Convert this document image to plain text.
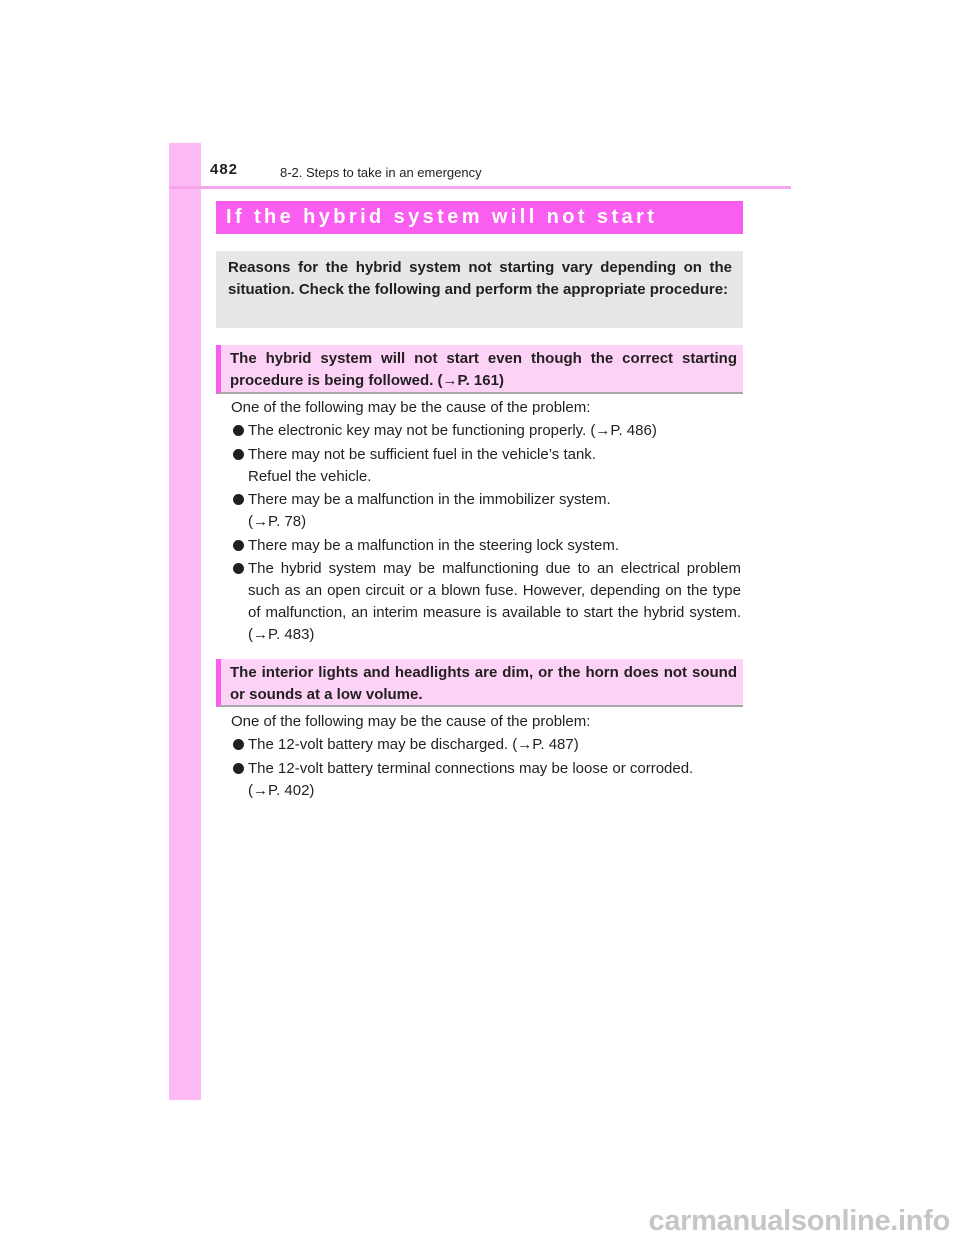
482	8-2. Steps to take in an emergency
If the hybrid system will not start

Reasons for the hybrid system not starting vary depending on the situation. Check the following and perform the appropriate procedure:

The hybrid system will not start even though the correct starting procedure is being followed. (→P. 161)

One of the following may be the cause of the problem:

The electronic key may not be functioning properly. (→P. 486)
There may not be sufficient fuel in the vehicle’s tank.
Refuel the vehicle.
There may be a malfunction in the immobilizer system.
(→P. 78)
There may be a malfunction in the steering lock system.
The hybrid system may be malfunctioning due to an electrical problem such as an open circuit or a blown fuse. However, depending on the type of malfunction, an interim measure is available to start the hybrid system. (→P. 483)

The interior lights and headlights are dim, or the horn does not sound or sounds at a low volume.

One of the following may be the cause of the problem:

The 12-volt battery may be discharged. (→P. 487)
The 12-volt battery terminal connections may be loose or corroded.
(→P. 402)
carmanualsonline.info
